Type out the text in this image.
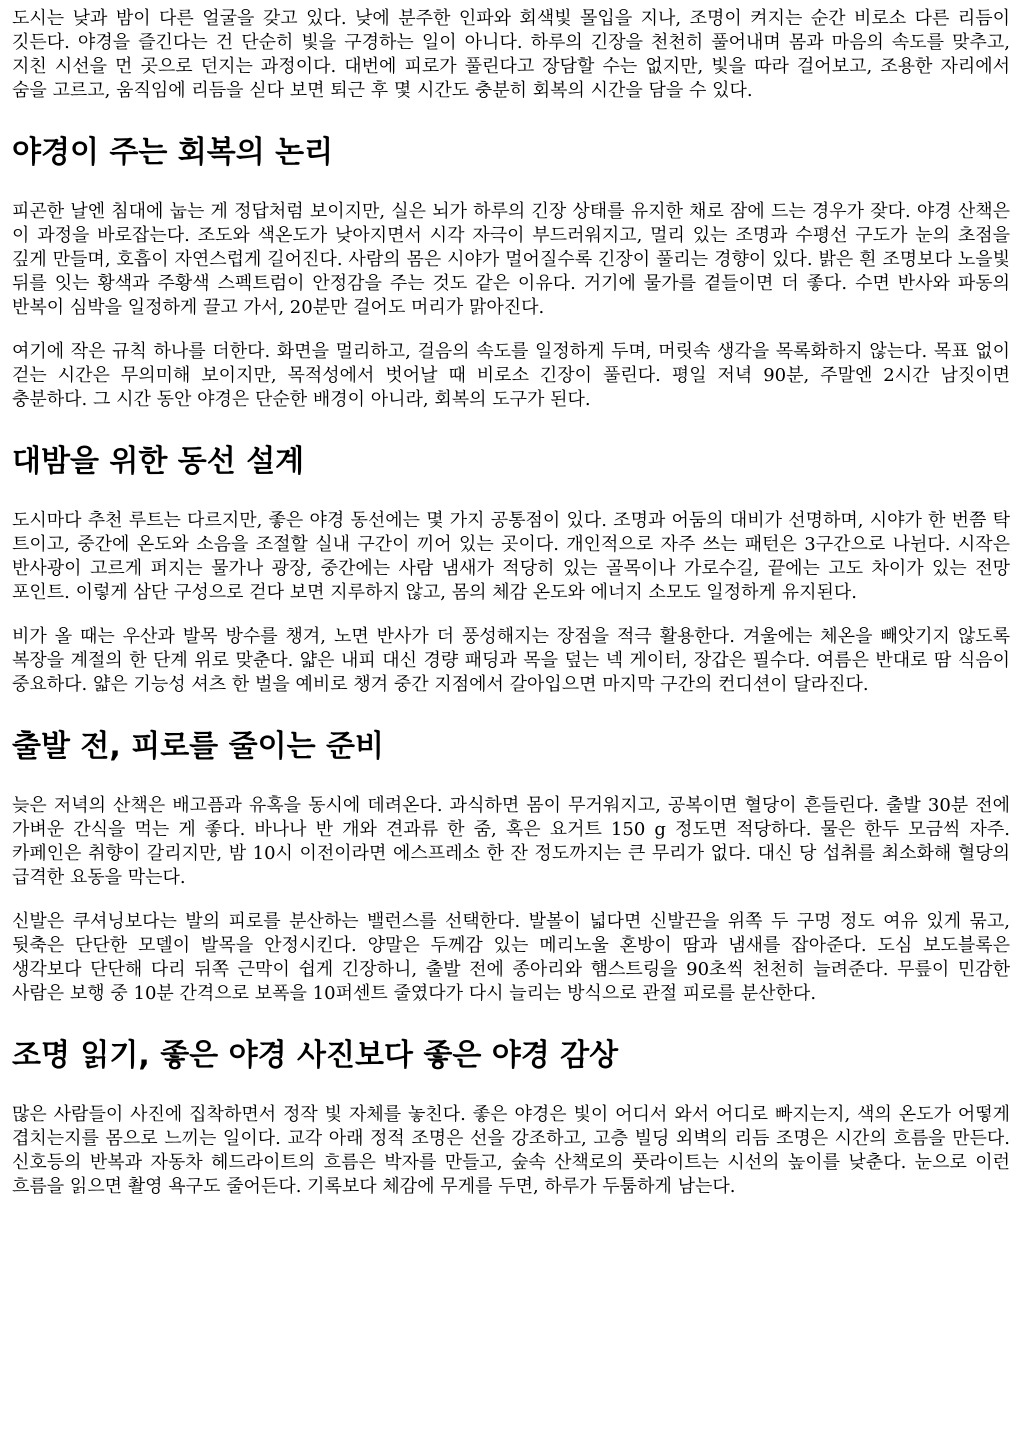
도시는 낮과 밤이 다른 얼굴을 갖고 있다. 낮에 분주한 인파와 회색빛 몰입을 지나, 조명이 켜지는 순간 비로소 다른 리듬이 깃든다. 야경을 즐긴다는 건 단순히 빛을 구경하는 일이 아니다. 하루의 긴장을 천천히 풀어내며 몸과 마음의 속도를 맞추고, 지친 시선을 먼 곳으로 던지는 과정이다. 대번에 피로가 풀린다고 장담할 수는 없지만, 빛을 따라 걸어보고, 조용한 자리에서 숨을 고르고, 움직임에 리듬을 싣다 보면 퇴근 후 몇 시간도 충분히 회복의 시간을 담을 수 있다.

야경이 주는 회복의 논리

피곤한 날엔 침대에 눕는 게 정답처럼 보이지만, 실은 뇌가 하루의 긴장 상태를 유지한 채로 잠에 드는 경우가 잦다. 야경 산책은 이 과정을 바로잡는다. 조도와 색온도가 낮아지면서 시각 자극이 부드러워지고, 멀리 있는 조명과 수평선 구도가 눈의 초점을 깊게 만들며, 호흡이 자연스럽게 길어진다. 사람의 몸은 시야가 멀어질수록 긴장이 풀리는 경향이 있다. 밝은 흰 조명보다 노을빛 뒤를 잇는 황색과 주황색 스펙트럼이 안정감을 주는 것도 같은 이유다. 거기에 물가를 곁들이면 더 좋다. 수면 반사와 파동의 반복이 심박을 일정하게 끌고 가서, 20분만 걸어도 머리가 맑아진다.

여기에 작은 규칙 하나를 더한다. 화면을 멀리하고, 걸음의 속도를 일정하게 두며, 머릿속 생각을 목록화하지 않는다. 목표 없이 걷는 시간은 무의미해 보이지만, 목적성에서 벗어날 때 비로소 긴장이 풀린다. 평일 저녁 90분, 주말엔 2시간 남짓이면 충분하다. 그 시간 동안 야경은 단순한 배경이 아니라, 회복의 도구가 된다.

대밤을 위한 동선 설계

도시마다 추천 루트는 다르지만, 좋은 야경 동선에는 몇 가지 공통점이 있다. 조명과 어둠의 대비가 선명하며, 시야가 한 번쯤 탁 트이고, 중간에 온도와 소음을 조절할 실내 구간이 끼어 있는 곳이다. 개인적으로 자주 쓰는 패턴은 3구간으로 나뉜다. 시작은 반사광이 고르게 퍼지는 물가나 광장, 중간에는 사람 냄새가 적당히 있는 골목이나 가로수길, 끝에는 고도 차이가 있는 전망 포인트. 이렇게 삼단 구성으로 걷다 보면 지루하지 않고, 몸의 체감 온도와 에너지 소모도 일정하게 유지된다.

비가 올 때는 우산과 발목 방수를 챙겨, 노면 반사가 더 풍성해지는 장점을 적극 활용한다. 겨울에는 체온을 빼앗기지 않도록 복장을 계절의 한 단계 위로 맞춘다. 얇은 내피 대신 경량 패딩과 목을 덮는 넥 게이터, 장갑은 필수다. 여름은 반대로 땀 식음이 중요하다. 얇은 기능성 셔츠 한 벌을 예비로 챙겨 중간 지점에서 갈아입으면 마지막 구간의 컨디션이 달라진다.

출발 전, 피로를 줄이는 준비

늦은 저녁의 산책은 배고픔과 유혹을 동시에 데려온다. 과식하면 몸이 무거워지고, 공복이면 혈당이 흔들린다. 출발 30분 전에 가벼운 간식을 먹는 게 좋다. 바나나 반 개와 견과류 한 줌, 혹은 요거트 150 g 정도면 적당하다. 물은 한두 모금씩 자주. 카페인은 취향이 갈리지만, 밤 10시 이전이라면 에스프레소 한 잔 정도까지는 큰 무리가 없다. 대신 당 섭취를 최소화해 혈당의 급격한 요동을 막는다.

신발은 쿠셔닝보다는 발의 피로를 분산하는 밸런스를 선택한다. 발볼이 넓다면 신발끈을 위쪽 두 구멍 정도 여유 있게 묶고, 뒷축은 단단한 모델이 발목을 안정시킨다. 양말은 두께감 있는 메리노울 혼방이 땀과 냄새를 잡아준다. 도심 보도블록은 생각보다 단단해 다리 뒤쪽 근막이 쉽게 긴장하니, 출발 전에 종아리와 햄스트링을 90초씩 천천히 늘려준다. 무릎이 민감한 사람은 보행 중 10분 간격으로 보폭을 10퍼센트 줄였다가 다시 늘리는 방식으로 관절 피로를 분산한다.

조명 읽기, 좋은 야경 사진보다 좋은 야경 감상

많은 사람들이 사진에 집착하면서 정작 빛 자체를 놓친다. 좋은 야경은 빛이 어디서 와서 어디로 빠지는지, 색의 온도가 어떻게 겹치는지를 몸으로 느끼는 일이다. 교각 아래 정적 조명은 선을 강조하고, 고층 빌딩 외벽의 리듬 조명은 시간의 흐름을 만든다. 신호등의 반복과 자동차 헤드라이트의 흐름은 박자를 만들고, 숲속 산책로의 풋라이트는 시선의 높이를 낮춘다. 눈으로 이런 흐름을 읽으면 촬영 욕구도 줄어든다. 기록보다 체감에 무게를 두면, 하루가 두툼하게 남는다.
